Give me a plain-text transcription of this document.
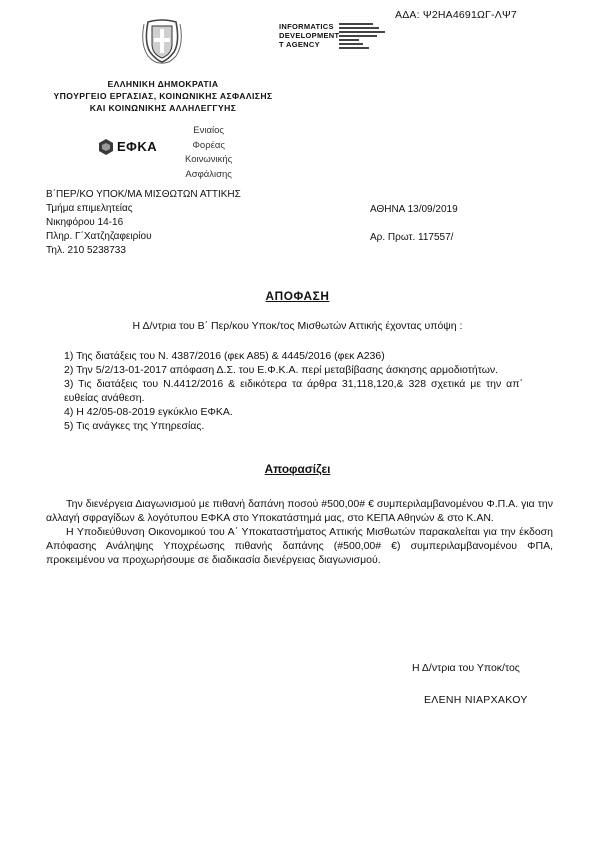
ΑΔΑ: Ψ2ΗΑ4691ΩΓ-ΛΨ7
INFORMATICS
DEVELOPMENT
T AGENCY
ΕΛΛΗΝΙΚΗ ΔΗΜΟΚΡΑΤΙΑ
ΥΠΟΥΡΓΕΙΟ ΕΡΓΑΣΙΑΣ, ΚΟΙΝΩΝΙΚΗΣ ΑΣΦΑΛΙΣΗΣ
ΚΑΙ ΚΟΙΝΩΝΙΚΗΣ ΑΛΛΗΛΕΓΓΥΗΣ
ΕΦΚΑ
Ενιαίος
Φορέας
Κοινωνικής
Ασφάλισης
Β΄ΠΕΡ/ΚΟ ΥΠΟΚ/ΜΑ ΜΙΣΘΩΤΩΝ ΑΤΤΙΚΗΣ
Τμήμα επιμελητείας
Νικηφόρου 14-16
Πληρ. Γ΄Χατζηζαφειρίου
Τηλ. 210 5238733
ΑΘΗΝΑ 13/09/2019
Αρ. Πρωτ. 117557/
ΑΠΟΦΑΣΗ
Η Δ/ντρια του Β΄ Περ/κου Υποκ/τος Μισθωτών Αττικής έχοντας υπόψη :

1) Της διατάξεις του Ν. 4387/2016 (φεκ Α85) & 4445/2016 (φεκ Α236)

2) Την 5/2/13-01-2017 απόφαση Δ.Σ. του Ε.Φ.Κ.Α. περί μεταβίβασης άσκησης αρμοδιοτήτων.

3) Τις διατάξεις του Ν.4412/2016 & ειδικότερα τα άρθρα 31,118,120,& 328 σχετικά με την απ΄ ευθείας ανάθεση.

4) Η 42/05-08-2019 εγκύκλιο ΕΦΚΑ.

5) Τις ανάγκες της Υπηρεσίας.

Αποφασίζει

Την διενέργεια Διαγωνισμού με πιθανή δαπάνη ποσού #500,00# € συμπεριλαμβανομένου Φ.Π.Α. για την αλλαγή σφραγίδων & λογότυπου ΕΦΚΑ στο Υποκατάστημά μας, στο ΚΕΠΑ Αθηνών & στο Κ.ΑΝ.

Η Υποδιεύθυνση Οικονομικού του Α΄ Υποκαταστήματος Αττικής Μισθωτών παρακαλείται για την έκδοση Απόφασης Ανάληψης Υποχρέωσης πιθανής δαπάνης (#500,00# €) συμπεριλαμβανομένου ΦΠΑ, προκειμένου να προχωρήσουμε σε διαδικασία διενέργειας διαγωνισμού.

Η Δ/ντρια του Υποκ/τος
ΕΛΕΝΗ ΝΙΑΡΧΑΚΟΥ
